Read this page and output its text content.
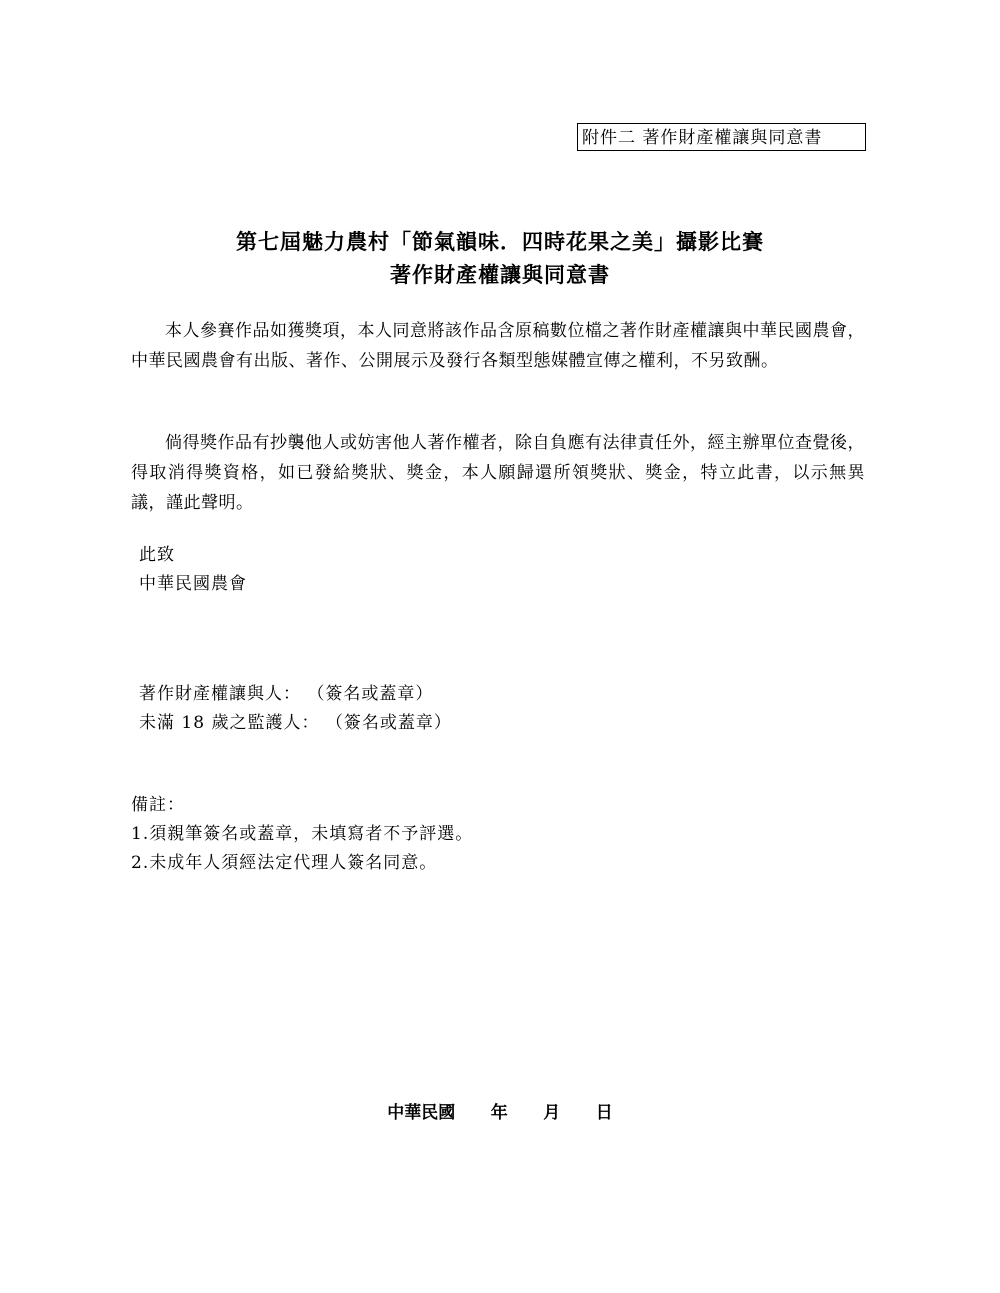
附件二 著作財產權讓與同意書
第七屆魅力農村「節氣韻味．四時花果之美」攝影比賽
著作財產權讓與同意書
本人參賽作品如獲獎項，本人同意將該作品含原稿數位檔之著作財產權讓與中華民國農會，中華民國農會有出版、著作、公開展示及發行各類型態媒體宣傳之權利，不另致酬。
倘得獎作品有抄襲他人或妨害他人著作權者，除自負應有法律責任外，經主辦單位查覺後，得取消得獎資格，如已發給獎狀、獎金，本人願歸還所領獎狀、獎金，特立此書，以示無異議，謹此聲明。
此致
中華民國農會
著作財產權讓與人： （簽名或蓋章）
未滿 18 歲之監護人： （簽名或蓋章）
備註：
1.須親筆簽名或蓋章，未填寫者不予評選。
2.未成年人須經法定代理人簽名同意。
中華民國      年      月      日
